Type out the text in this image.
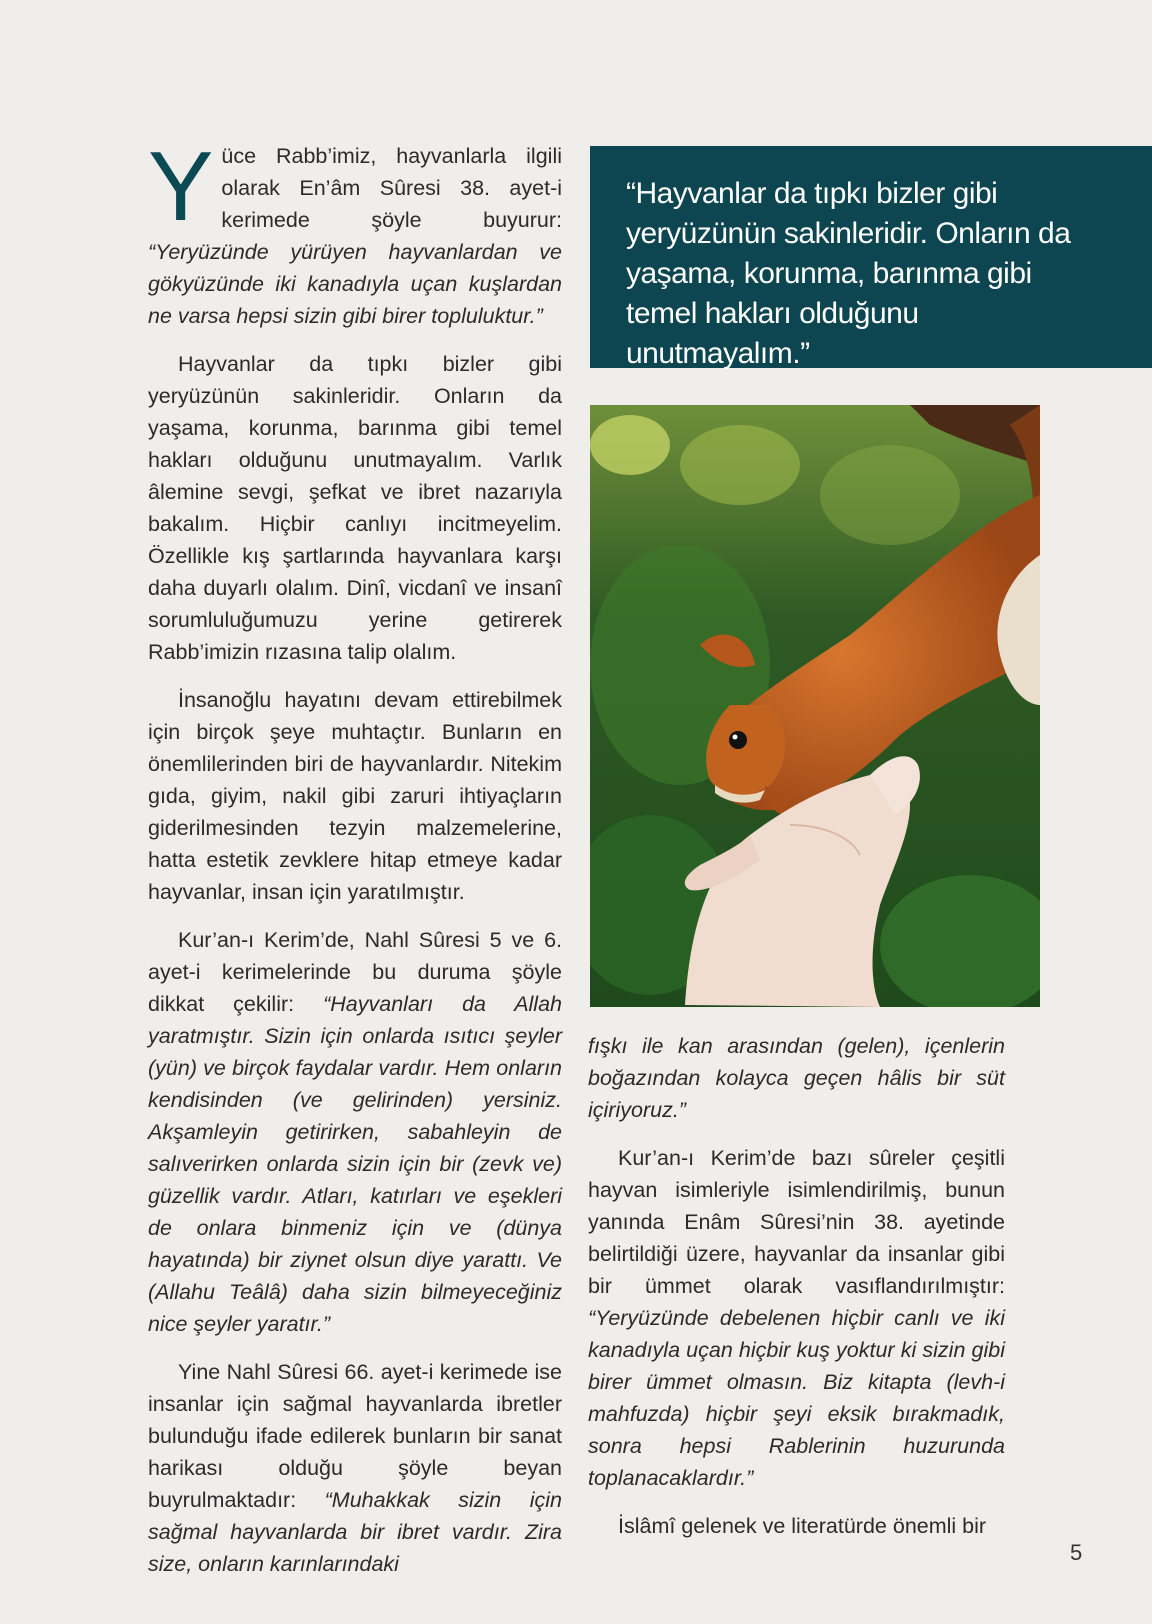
Yüce Rabb’imiz, hayvanlarla ilgili olarak En’âm Sûresi 38. ayet-i kerimede şöyle buyurur: “Yeryüzünde yürüyen hayvanlardan ve gökyüzünde iki kanadıyla uçan kuşlardan ne varsa hepsi sizin gibi birer topluluktur.”

Hayvanlar da tıpkı bizler gibi yeryüzünün sakinleridir. Onların da yaşama, korunma, barınma gibi temel hakları olduğunu unutmayalım. Varlık âlemine sevgi, şefkat ve ibret nazarıyla bakalım. Hiçbir canlıyı incitmeyelim. Özellikle kış şartlarında hayvanlara karşı daha duyarlı olalım. Dinî, vicdanî ve insanî sorumluluğumuzu yerine getirerek Rabb’imizin rızasına talip olalım.

İnsanoğlu hayatını devam ettirebilmek için birçok şeye muhtaçtır. Bunların en önemlilerinden biri de hayvanlardır. Nitekim gıda, giyim, nakil gibi zaruri ihtiyaçların giderilmesinden tezyin malzemelerine, hatta estetik zevklere hitap etmeye kadar hayvanlar, insan için yaratılmıştır.

Kur’an-ı Kerim’de, Nahl Sûresi 5 ve 6. ayet-i kerimelerinde bu duruma şöyle dikkat çekilir: “Hayvanları da Allah yaratmıştır. Sizin için onlarda ısıtıcı şeyler (yün) ve birçok faydalar vardır. Hem onların kendisinden (ve gelirinden) yersiniz. Akşamleyin getirirken, sabahleyin de salıverirken onlarda sizin için bir (zevk ve) güzellik vardır. Atları, katırları ve eşekleri de onlara binmeniz için ve (dünya hayatında) bir ziynet olsun diye yarattı. Ve (Allahu Teâlâ) daha sizin bilmeyeceğiniz nice şeyler yaratır.”

Yine Nahl Sûresi 66. ayet-i kerimede ise insanlar için sağmal hayvanlarda ibretler bulunduğu ifade edilerek bunların bir sanat harikası olduğu şöyle beyan buyrulmaktadır: “Muhakkak sizin için sağmal hayvanlarda bir ibret vardır. Zira size, onların karınlarındaki

“Hayvanlar da tıpkı bizler gibi yeryüzünün sakinleridir. Onların da yaşama, korunma, barınma gibi temel hakları olduğunu unutmayalım.”

fışkı ile kan arasından (gelen), içenlerin boğazından kolayca geçen hâlis bir süt içiriyoruz.”

Kur’an-ı Kerim’de bazı sûreler çeşitli hayvan isimleriyle isimlendirilmiş, bunun yanında Enâm Sûresi’nin 38. ayetinde belirtildiği üzere, hayvanlar da insanlar gibi bir ümmet olarak vasıflandırılmıştır: “Yeryüzünde debelenen hiçbir canlı ve iki kanadıyla uçan hiçbir kuş yoktur ki sizin gibi birer ümmet olmasın. Biz kitapta (levh-i mahfuzda) hiçbir şeyi eksik bırakmadık, sonra hepsi Rablerinin huzurunda toplanacaklardır.”

İslâmî gelenek ve literatürde önemli bir

5
